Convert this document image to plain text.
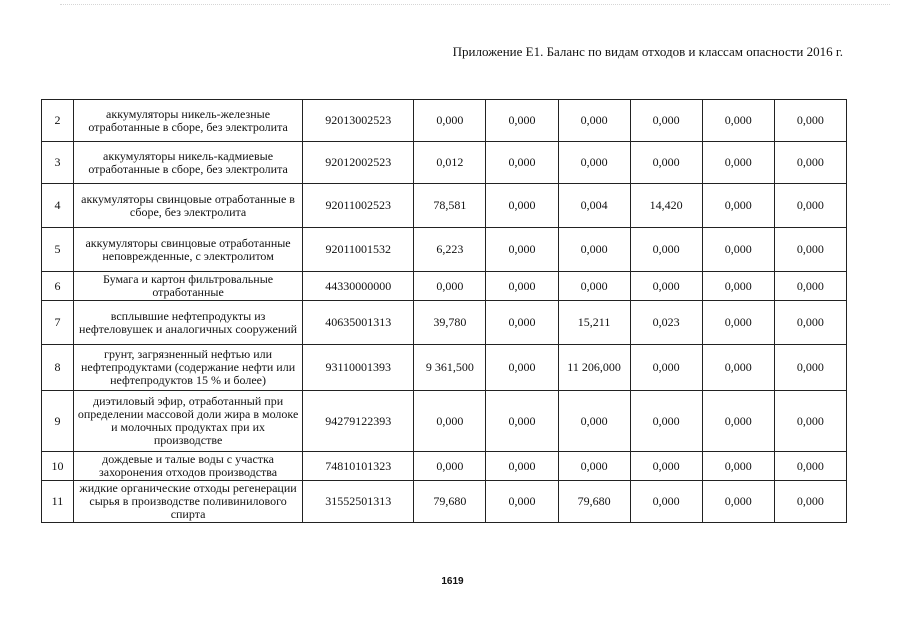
Приложение Е1. Баланс по видам отходов и классам опасности 2016 г.
2	аккумуляторы никель-железные отработанные в сборе, без электролита	92013002523	0,000	0,000	0,000	0,000	0,000	0,000
3	аккумуляторы никель-кадмиевые отработанные в сборе, без электролита	92012002523	0,012	0,000	0,000	0,000	0,000	0,000
4	аккумуляторы свинцовые отработанные в сборе, без электролита	92011002523	78,581	0,000	0,004	14,420	0,000	0,000
5	аккумуляторы свинцовые отработанные неповрежденные, с электролитом	92011001532	6,223	0,000	0,000	0,000	0,000	0,000
6	Бумага и картон фильтровальные отработанные	44330000000	0,000	0,000	0,000	0,000	0,000	0,000
7	всплывшие нефтепродукты из нефтеловушек и аналогичных сооружений	40635001313	39,780	0,000	15,211	0,023	0,000	0,000
8	грунт, загрязненный нефтью или нефтепродуктами (содержание нефти или нефтепродуктов 15 % и более)	93110001393	9 361,500	0,000	11 206,000	0,000	0,000	0,000
9	диэтиловый эфир, отработанный при определении массовой доли жира в молоке и молочных продуктах при их производстве	94279122393	0,000	0,000	0,000	0,000	0,000	0,000
10	дождевые и талые воды с участка захоронения отходов производства	74810101323	0,000	0,000	0,000	0,000	0,000	0,000
11	жидкие органические отходы регенерации сырья в производстве поливинилового спирта	31552501313	79,680	0,000	79,680	0,000	0,000	0,000
1619
